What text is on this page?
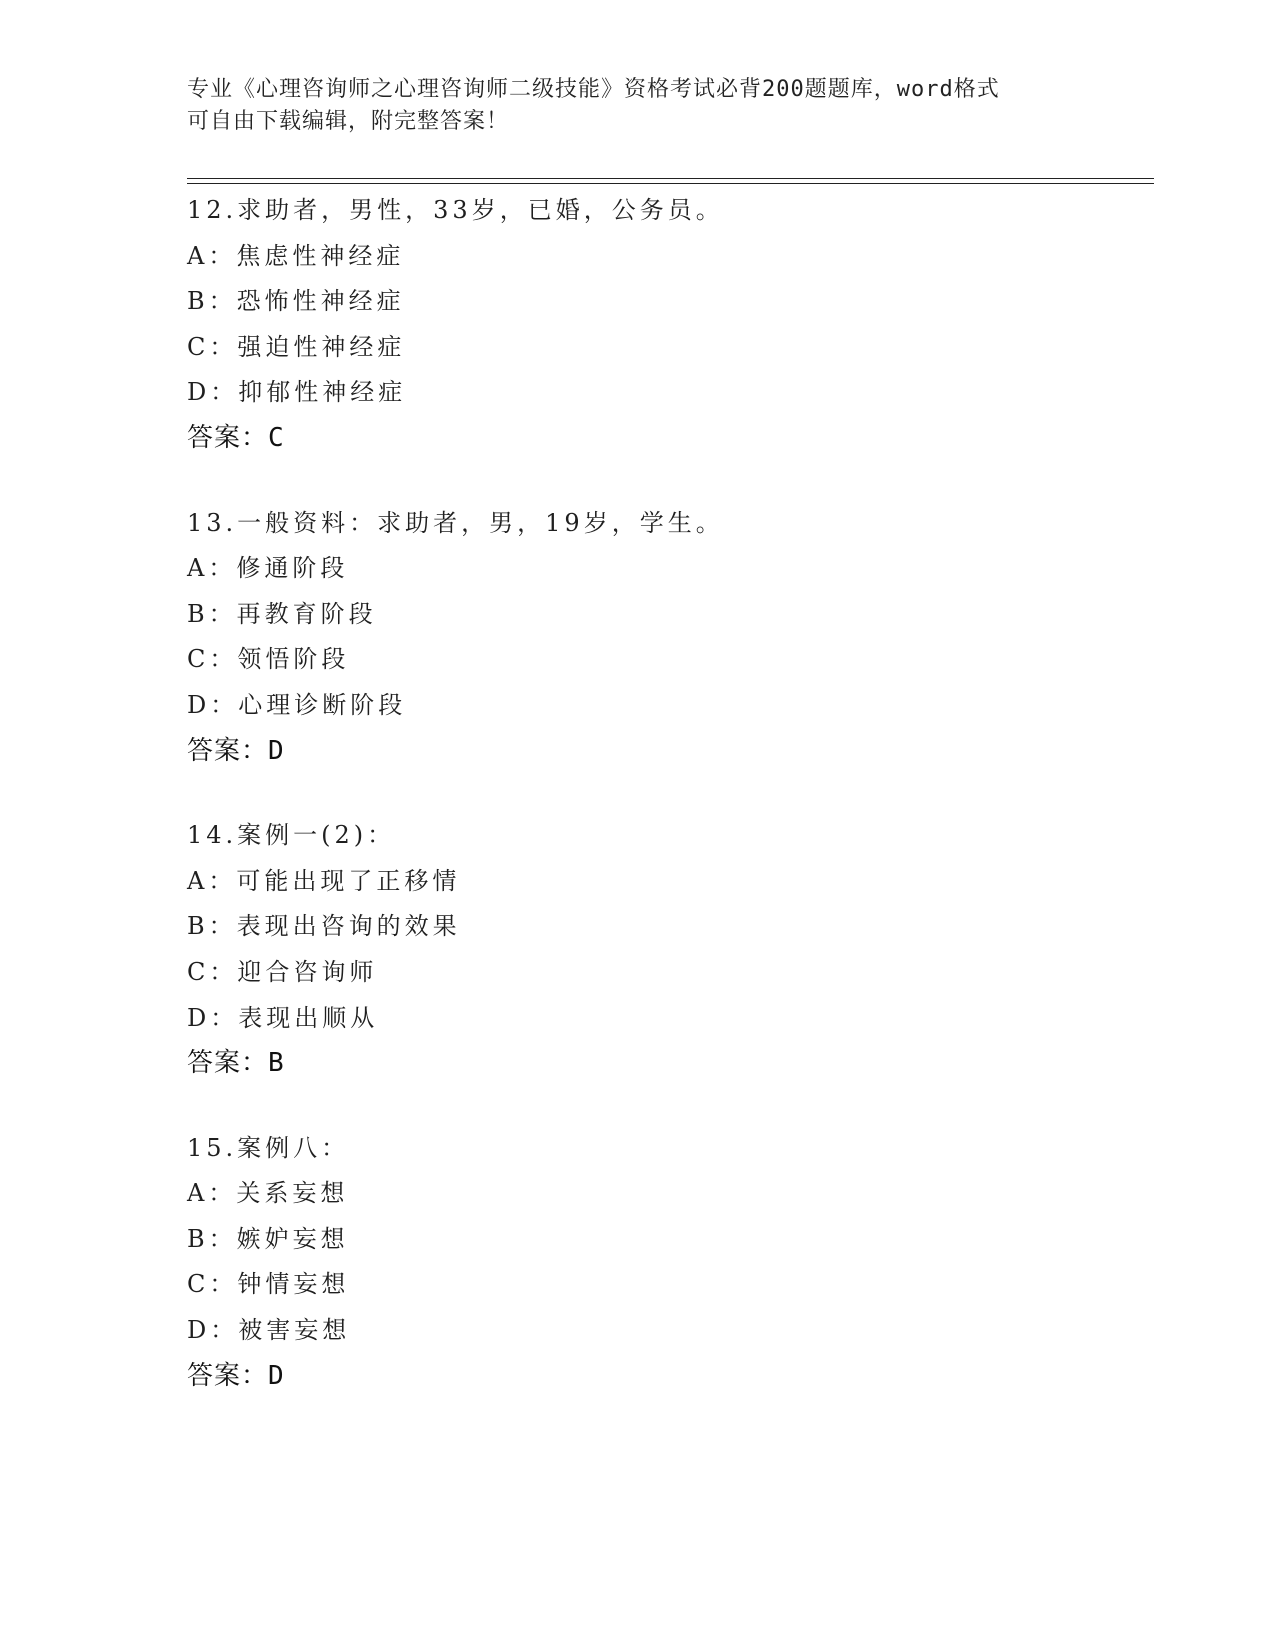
专业《心理咨询师之心理咨询师二级技能》资格考试必背200题题库，word格式
可自由下载编辑，附完整答案！
12.求助者，男性，33岁，已婚，公务员。
A：焦虑性神经症
B：恐怖性神经症
C：强迫性神经症
D：抑郁性神经症
答案：C
13.一般资料：求助者，男，19岁，学生。
A：修通阶段
B：再教育阶段
C：领悟阶段
D：心理诊断阶段
答案：D
14.案例一(2)：
A：可能出现了正移情
B：表现出咨询的效果
C：迎合咨询师
D：表现出顺从
答案：B
15.案例八：
A：关系妄想
B：嫉妒妄想
C：钟情妄想
D：被害妄想
答案：D
